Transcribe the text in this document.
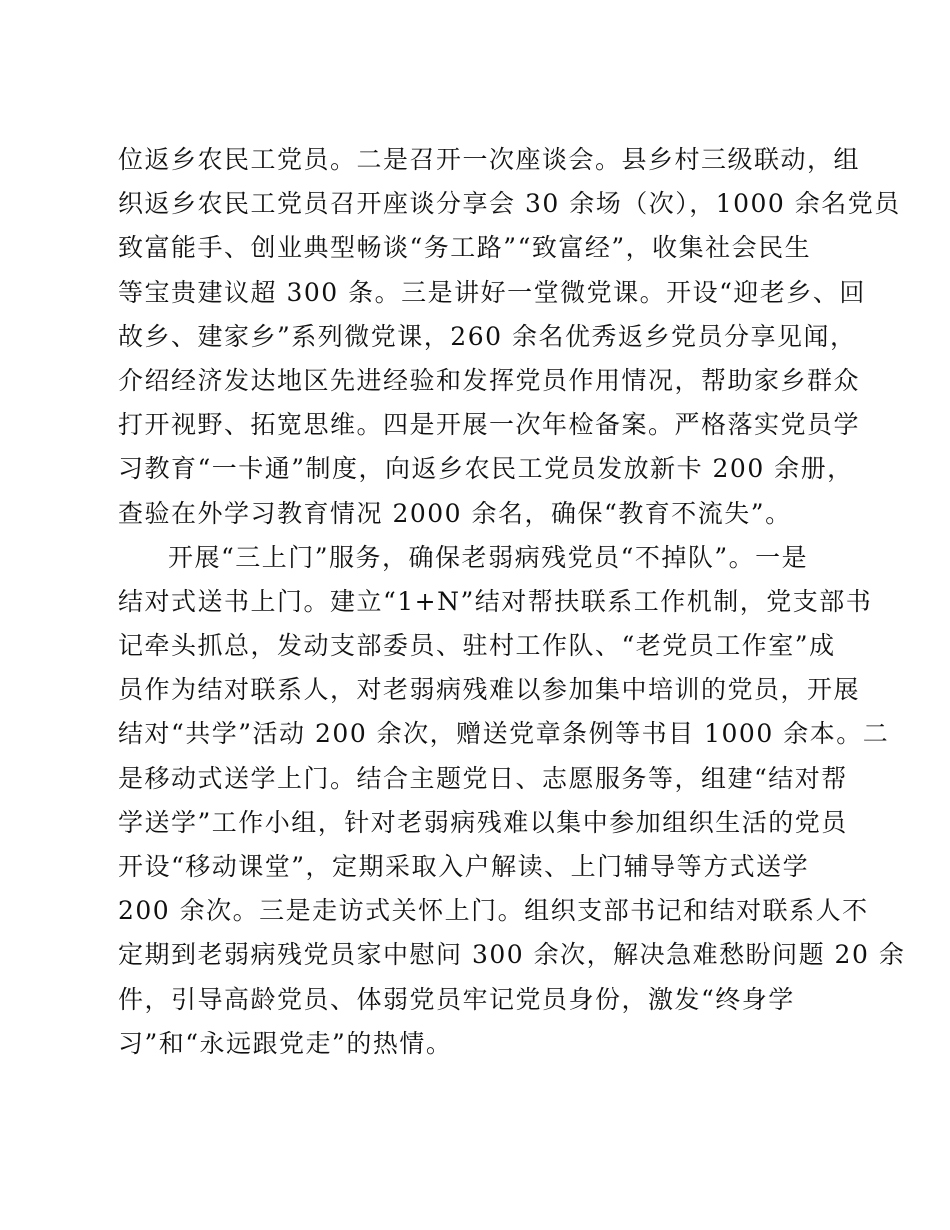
位返乡农民工党员。二是召开一次座谈会。县乡村三级联动，组
织返乡农民工党员召开座谈分享会 30 余场（次），1000 余名党员
致富能手、创业典型畅谈“务工路”“致富经”，收集社会民生
等宝贵建议超 300 条。三是讲好一堂微党课。开设“迎老乡、回
故乡、建家乡”系列微党课，260 余名优秀返乡党员分享见闻，
介绍经济发达地区先进经验和发挥党员作用情况，帮助家乡群众
打开视野、拓宽思维。四是开展一次年检备案。严格落实党员学
习教育“一卡通”制度，向返乡农民工党员发放新卡 200 余册，
查验在外学习教育情况 2000 余名，确保“教育不流失”。
开展“三上门”服务，确保老弱病残党员“不掉队”。一是
结对式送书上门。建立“1+N”结对帮扶联系工作机制，党支部书
记牵头抓总，发动支部委员、驻村工作队、“老党员工作室”成
员作为结对联系人，对老弱病残难以参加集中培训的党员，开展
结对“共学”活动 200 余次，赠送党章条例等书目 1000 余本。二
是移动式送学上门。结合主题党日、志愿服务等，组建“结对帮
学送学”工作小组，针对老弱病残难以集中参加组织生活的党员
开设“移动课堂”，定期采取入户解读、上门辅导等方式送学
200 余次。三是走访式关怀上门。组织支部书记和结对联系人不
定期到老弱病残党员家中慰问 300 余次，解决急难愁盼问题 20 余
件，引导高龄党员、体弱党员牢记党员身份，激发“终身学
习”和“永远跟党走”的热情。
